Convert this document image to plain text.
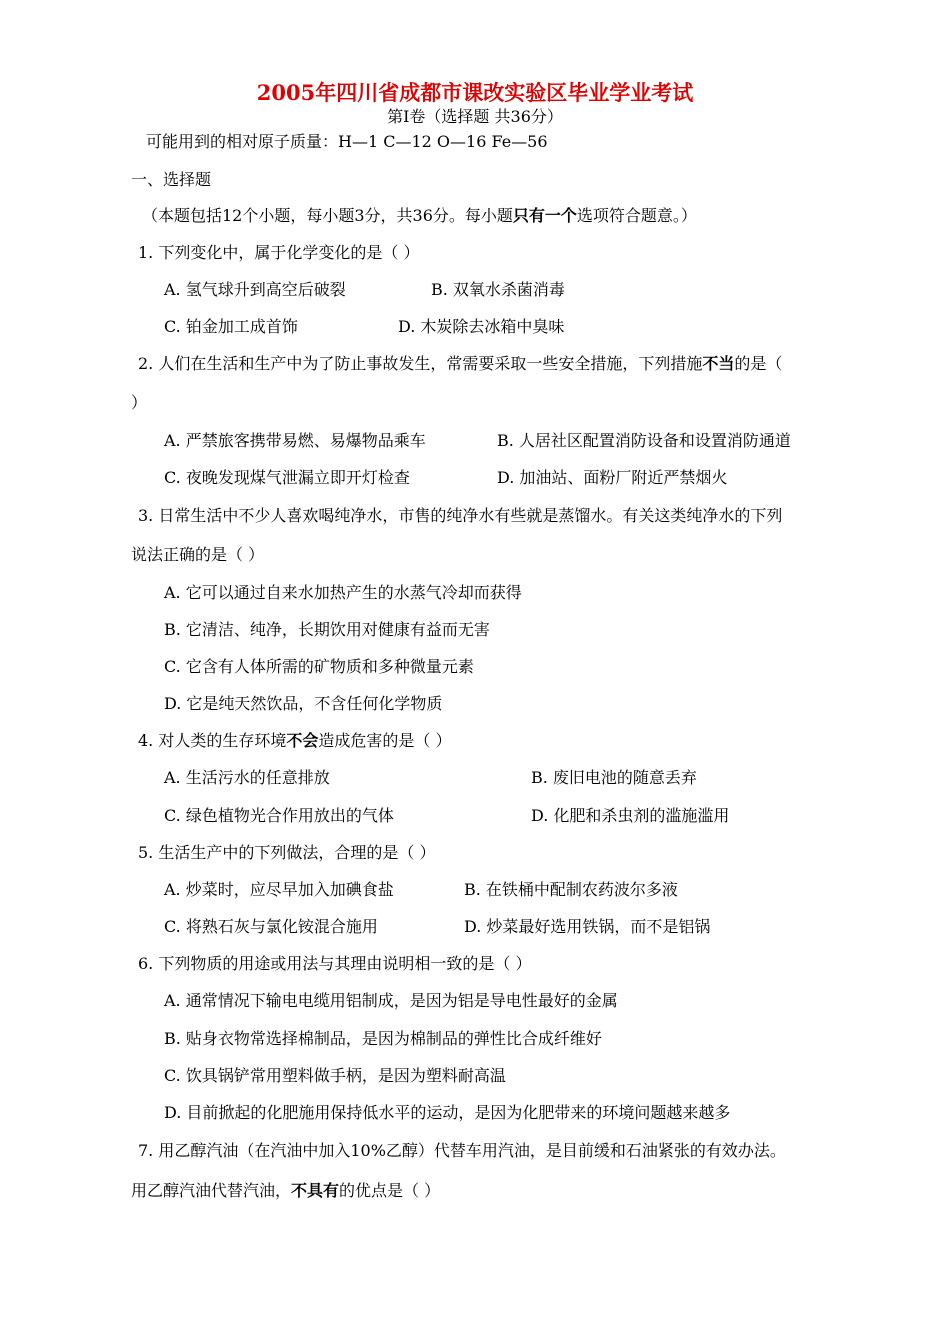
2005年四川省成都市课改实验区毕业学业考试
第I卷（选择题 共36分）
可能用到的相对原子质量：H—1 C—12 O—16 Fe—56
一、选择题
（本题包括12个小题，每小题3分，共36分。每小题只有一个选项符合题意。）
1. 下列变化中，属于化学变化的是（ ）
A. 氢气球升到高空后破裂	B. 双氧水杀菌消毒
C. 铂金加工成首饰	D. 木炭除去冰箱中臭味
2. 人们在生活和生产中为了防止事故发生，常需要采取一些安全措施，下列措施不当的是（
）
A. 严禁旅客携带易燃、易爆物品乘车	B. 人居社区配置消防设备和设置消防通道
C. 夜晚发现煤气泄漏立即开灯检查	D. 加油站、面粉厂附近严禁烟火
3. 日常生活中不少人喜欢喝纯净水，市售的纯净水有些就是蒸馏水。有关这类纯净水的下列
说法正确的是（ ）
A. 它可以通过自来水加热产生的水蒸气冷却而获得
B. 它清洁、纯净，长期饮用对健康有益而无害
C. 它含有人体所需的矿物质和多种微量元素
D. 它是纯天然饮品，不含任何化学物质
4. 对人类的生存环境不会造成危害的是（ ）
A. 生活污水的任意排放	B. 废旧电池的随意丢弃
C. 绿色植物光合作用放出的气体	D. 化肥和杀虫剂的滥施滥用
5. 生活生产中的下列做法，合理的是（ ）
A. 炒菜时，应尽早加入加碘食盐	B. 在铁桶中配制农药波尔多液
C. 将熟石灰与氯化铵混合施用	D. 炒菜最好选用铁锅，而不是铝锅
6. 下列物质的用途或用法与其理由说明相一致的是（ ）
A. 通常情况下输电电缆用铝制成，是因为铝是导电性最好的金属
B. 贴身衣物常选择棉制品，是因为棉制品的弹性比合成纤维好
C. 饮具锅铲常用塑料做手柄，是因为塑料耐高温
D. 目前掀起的化肥施用保持低水平的运动，是因为化肥带来的环境问题越来越多
7. 用乙醇汽油（在汽油中加入10%乙醇）代替车用汽油，是目前缓和石油紧张的有效办法。
用乙醇汽油代替汽油，不具有的优点是（ ）
